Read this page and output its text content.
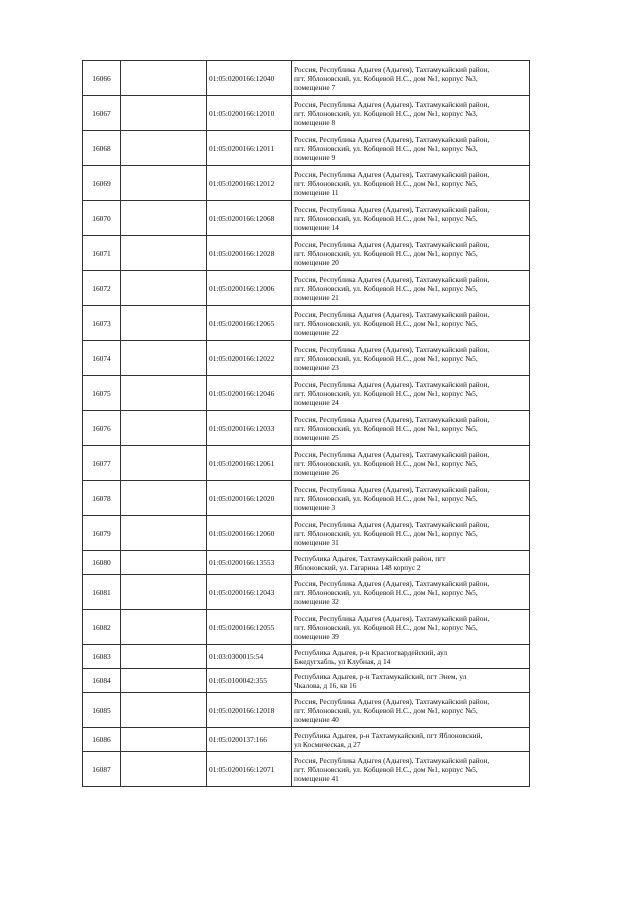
16066		01:05:0200166:12040	Россия, Республика Адыгея (Адыгея), Тахтамукайский район,
пгт. Яблоновский, ул. Кобцевой Н.С., дом №1, корпус №3,
помещение 7

16067		01:05:0200166:12010	Россия, Республика Адыгея (Адыгея), Тахтамукайский район,
пгт. Яблоновский, ул. Кобцевой Н.С., дом №1, корпус №3,
помещение 8

16068		01:05:0200166:12011	Россия, Республика Адыгея (Адыгея), Тахтамукайский район,
пгт. Яблоновский, ул. Кобцевой Н.С., дом №1, корпус №3,
помещение 9

16069		01:05:0200166:12012	Россия, Республика Адыгея (Адыгея), Тахтамукайский район,
пгт. Яблоновский, ул. Кобцевой Н.С., дом №1, корпус №5,
помещение 11

16070		01:05:0200166:12068	Россия, Республика Адыгея (Адыгея), Тахтамукайский район,
пгт. Яблоновский, ул. Кобцевой Н.С., дом №1, корпус №5,
помещение 14

16071		01:05:0200166:12028	Россия, Республика Адыгея (Адыгея), Тахтамукайский район,
пгт. Яблоновский, ул. Кобцевой Н.С., дом №1, корпус №5,
помещение 20

16072		01:05:0200166:12006	Россия, Республика Адыгея (Адыгея), Тахтамукайский район,
пгт. Яблоновский, ул. Кобцевой Н.С., дом №1, корпус №5,
помещение 21

16073		01:05:0200166:12065	Россия, Республика Адыгея (Адыгея), Тахтамукайский район,
пгт. Яблоновский, ул. Кобцевой Н.С., дом №1, корпус №5,
помещение 22

16074		01:05:0200166:12022	Россия, Республика Адыгея (Адыгея), Тахтамукайский район,
пгт. Яблоновский, ул. Кобцевой Н.С., дом №1, корпус №5,
помещение 23

16075		01:05:0200166:12046	Россия, Республика Адыгея (Адыгея), Тахтамукайский район,
пгт. Яблоновский, ул. Кобцевой Н.С., дом №1, корпус №5,
помещение 24

16076		01:05:0200166:12033	Россия, Республика Адыгея (Адыгея), Тахтамукайский район,
пгт. Яблоновский, ул. Кобцевой Н.С., дом №1, корпус №5,
помещение 25

16077		01:05:0200166:12061	Россия, Республика Адыгея (Адыгея), Тахтамукайский район,
пгт. Яблоновский, ул. Кобцевой Н.С., дом №1, корпус №5,
помещение 26

16078		01:05:0200166:12020	Россия, Республика Адыгея (Адыгея), Тахтамукайский район,
пгт. Яблоновский, ул. Кобцевой Н.С., дом №1, корпус №5,
помещение 3

16079		01:05:0200166:12060	Россия, Республика Адыгея (Адыгея), Тахтамукайский район,
пгт. Яблоновский, ул. Кобцевой Н.С., дом №1, корпус №5,
помещение 31

16080		01:05:0200166:13553	Республика Адыгея, Тахтамукайский район, пгт
Яблоновский, ул. Гагарина 148 корпус 2

16081		01:05:0200166:12043	Россия, Республика Адыгея (Адыгея), Тахтамукайский район,
пгт. Яблоновский, ул. Кобцевой Н.С., дом №1, корпус №5,
помещение 32

16082		01:05:0200166:12055	Россия, Республика Адыгея (Адыгея), Тахтамукайский район,
пгт. Яблоновский, ул. Кобцевой Н.С., дом №1, корпус №5,
помещение 39

16083		01:03:0300015:54	Республика Адыгея, р-н Красногвардейский, аул
Бжедугхабль, ул Клубная, д 14

16084		01:05:0100042:355	Республика Адыгея, р-н Тахтамукайский, пгт Энем, ул
Чкалова, д 16, кв 16

16085		01:05:0200166:12018	Россия, Республика Адыгея (Адыгея), Тахтамукайский район,
пгт. Яблоновский, ул. Кобцевой Н.С., дом №1, корпус №5,
помещение 40

16086		01:05:0200137:166	Республика Адыгея, р-н Тахтамукайский, пгт Яблоновский,
ул Космическая, д 27

16087		01:05:0200166:12071	Россия, Республика Адыгея (Адыгея), Тахтамукайский район,
пгт. Яблоновский, ул. Кобцевой Н.С., дом №1, корпус №5,
помещение 41
